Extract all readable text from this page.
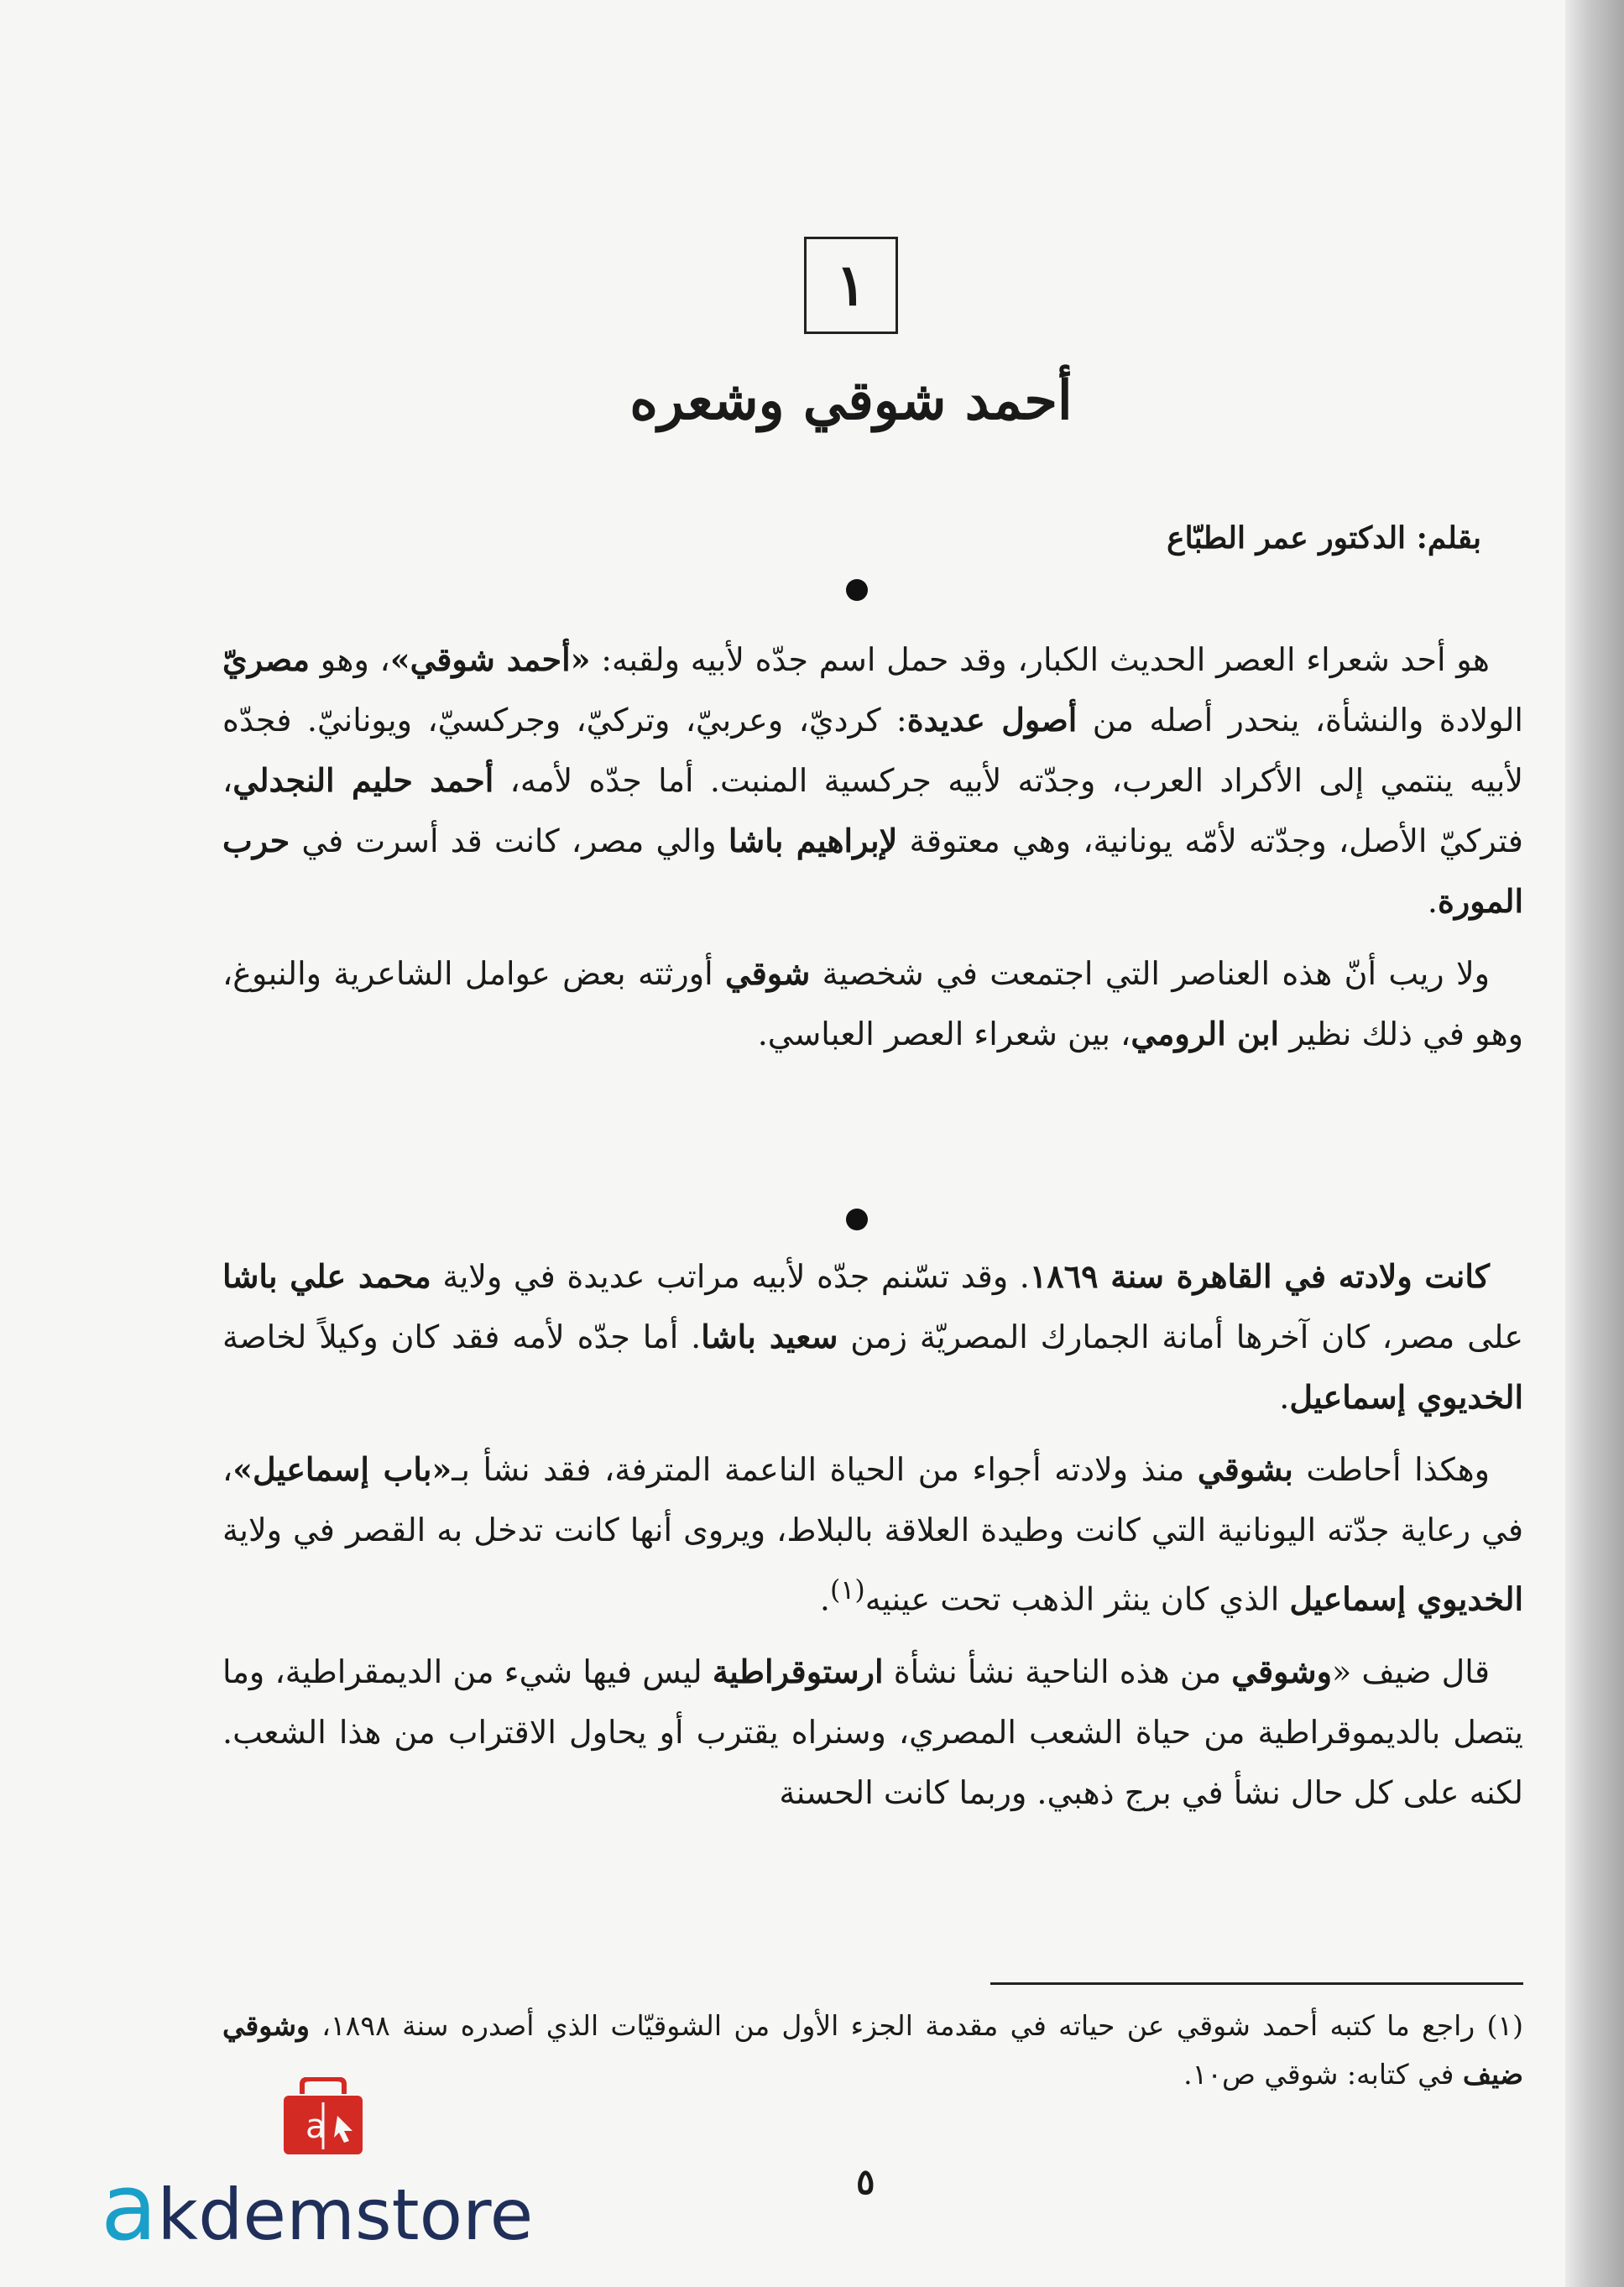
١
أحمد شوقي وشعره
بقلم: الدكتور عمر الطبّاع

هو أحد شعراء العصر الحديث الكبار، وقد حمل اسم جدّه لأبيه ولقبه: «أحمد شوقي»، وهو مصريّ الولادة والنشأة، ينحدر أصله من أصول عديدة: كرديّ، وعربيّ، وتركيّ، وجركسيّ، ويونانيّ. فجدّه لأبيه ينتمي إلى الأكراد العرب، وجدّته لأبيه جركسية المنبت. أما جدّه لأمه، أحمد حليم النجدلي، فتركيّ الأصل، وجدّته لأمّه يونانية، وهي معتوقة لإبراهيم باشا والي مصر، كانت قد أسرت في حرب المورة.

ولا ريب أنّ هذه العناصر التي اجتمعت في شخصية شوقي أورثته بعض عوامل الشاعرية والنبوغ، وهو في ذلك نظير ابن الرومي، بين شعراء العصر العباسي.

كانت ولادته في القاهرة سنة ١٨٦٩. وقد تسّنم جدّه لأبيه مراتب عديدة في ولاية محمد علي باشا على مصر، كان آخرها أمانة الجمارك المصريّة زمن سعيد باشا. أما جدّه لأمه فقد كان وكيلاً لخاصة الخديوي إسماعيل.

وهكذا أحاطت بشوقي منذ ولادته أجواء من الحياة الناعمة المترفة، فقد نشأ بـ«باب إسماعيل»، في رعاية جدّته اليونانية التي كانت وطيدة العلاقة بالبلاط، ويروى أنها كانت تدخل به القصر في ولاية الخديوي إسماعيل الذي كان ينثر الذهب تحت عينيه$^{(١)}$.

قال ضيف «وشوقي من هذه الناحية نشأ نشأة ارستوقراطية ليس فيها شيء من الديمقراطية، وما يتصل بالديموقراطية من حياة الشعب المصري، وسنراه يقترب أو يحاول الاقتراب من هذا الشعب. لكنه على كل حال نشأ في برج ذهبي. وربما كانت الحسنة

(١) راجع ما كتبه أحمد شوقي عن حياته في مقدمة الجزء الأول من الشوقيّات الذي أصدره سنة ١٨٩٨، وشوقي ضيف في كتابه: شوقي ص١٠.
٥
a
akdemstore
